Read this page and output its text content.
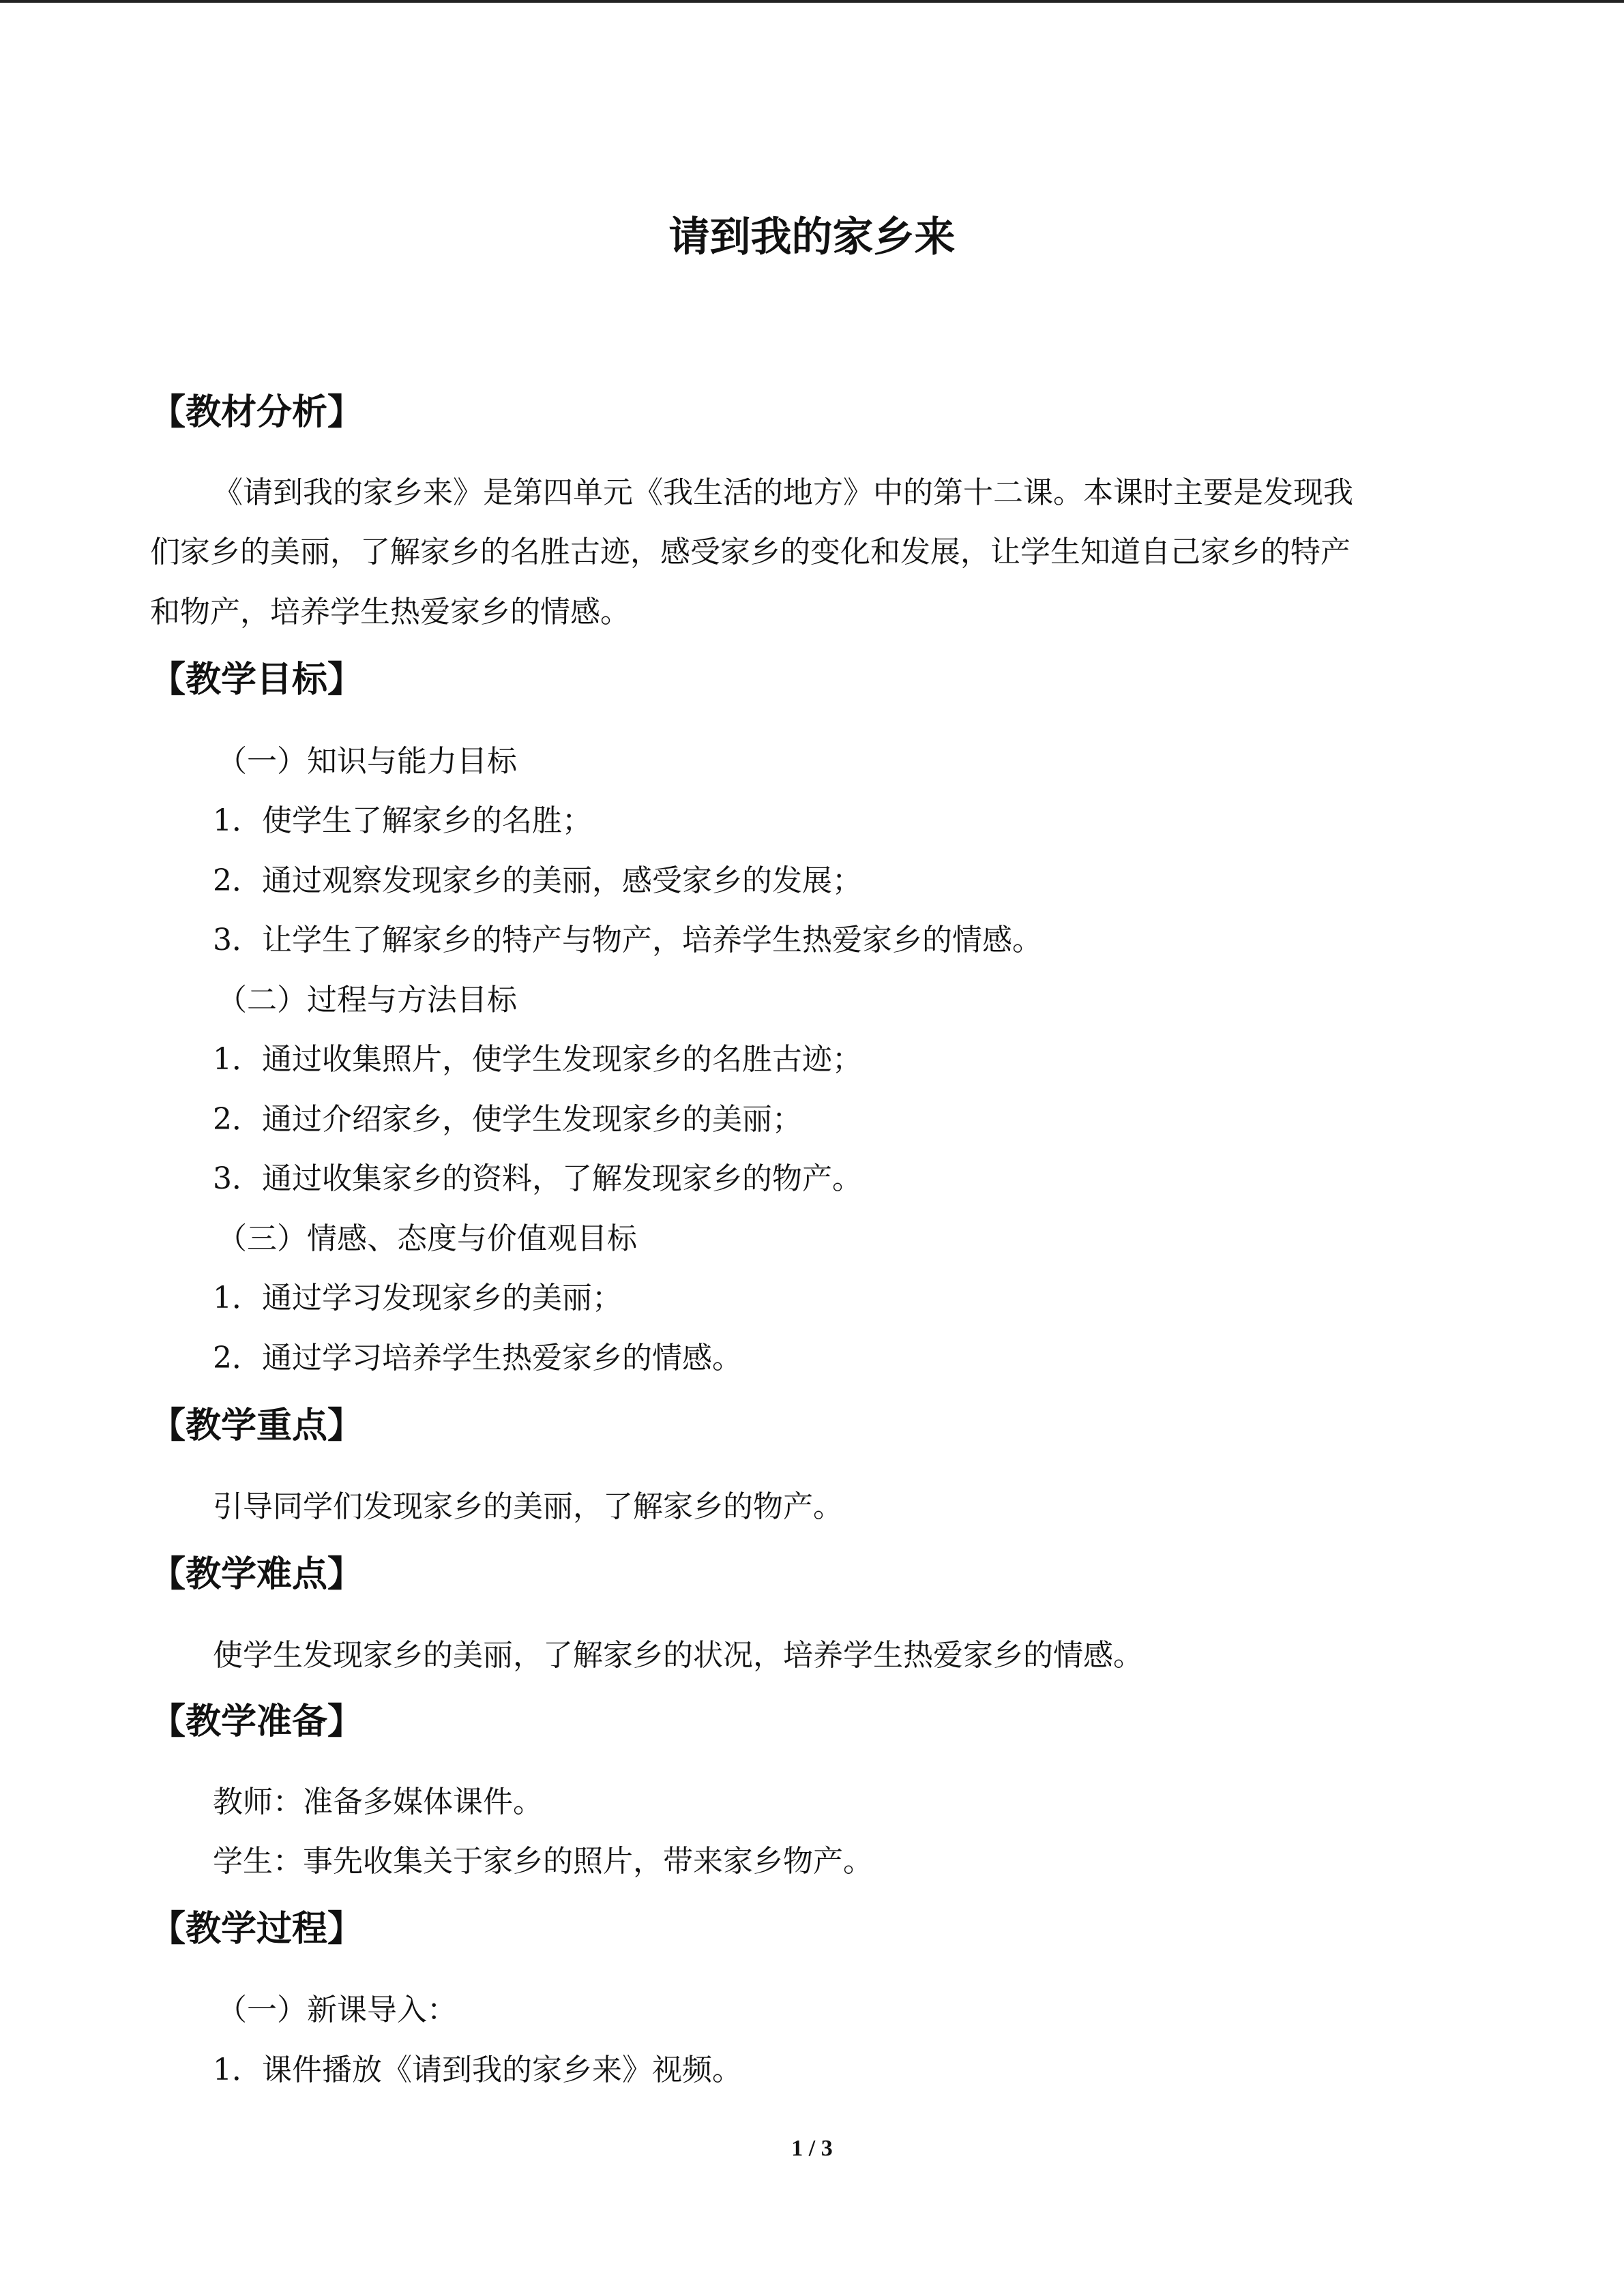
请到我的家乡来
【教材分析】

《请到我的家乡来》是第四单元《我生活的地方》中的第十二课。本课时主要是发现我

们家乡的美丽，了解家乡的名胜古迹，感受家乡的变化和发展，让学生知道自己家乡的特产

和物产，培养学生热爱家乡的情感。

【教学目标】

（一）知识与能力目标

1．使学生了解家乡的名胜；

2．通过观察发现家乡的美丽，感受家乡的发展；

3．让学生了解家乡的特产与物产，培养学生热爱家乡的情感。

（二）过程与方法目标

1．通过收集照片，使学生发现家乡的名胜古迹；

2．通过介绍家乡，使学生发现家乡的美丽；

3．通过收集家乡的资料，了解发现家乡的物产。

（三）情感、态度与价值观目标

1．通过学习发现家乡的美丽；

2．通过学习培养学生热爱家乡的情感。

【教学重点】

引导同学们发现家乡的美丽，了解家乡的物产。

【教学难点】

使学生发现家乡的美丽，了解家乡的状况，培养学生热爱家乡的情感。

【教学准备】

教师：准备多媒体课件。

学生：事先收集关于家乡的照片，带来家乡物产。

【教学过程】

（一）新课导入：

1．课件播放《请到我的家乡来》视频。

1 / 3
